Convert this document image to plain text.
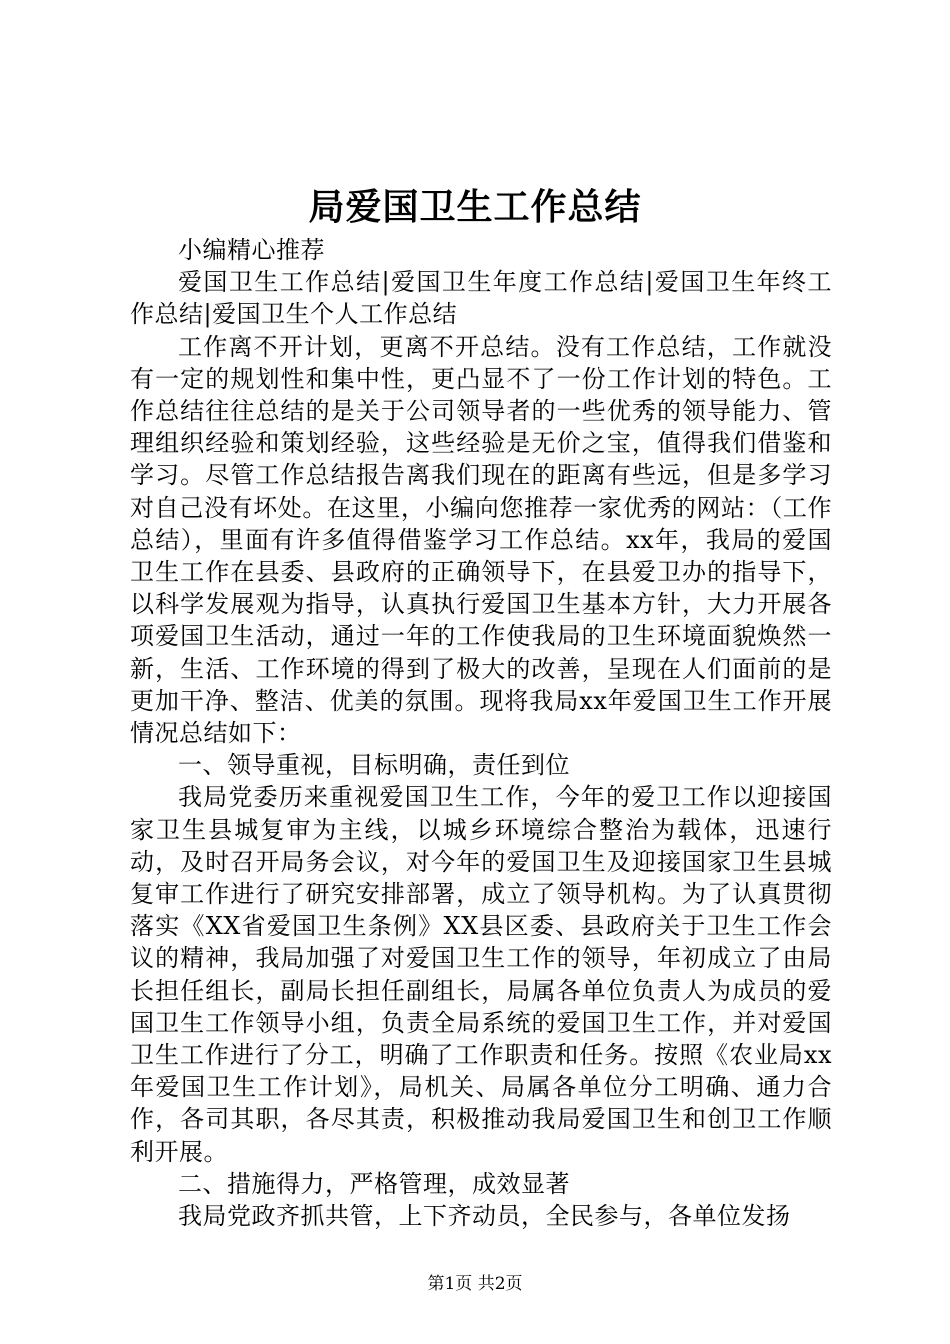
局爱国卫生工作总结

小编精心推荐

爱国卫生工作总结|爱国卫生年度工作总结|爱国卫生年终工作总结|爱国卫生个人工作总结

工作离不开计划，更离不开总结。没有工作总结，工作就没有一定的规划性和集中性，更凸显不了一份工作计划的特色。工作总结往往总结的是关于公司领导者的一些优秀的领导能力、管理组织经验和策划经验，这些经验是无价之宝，值得我们借鉴和学习。尽管工作总结报告离我们现在的距离有些远，但是多学习对自己没有坏处。在这里，小编向您推荐一家优秀的网站：（工作总结），里面有许多值得借鉴学习工作总结。xx年，我局的爱国卫生工作在县委、县政府的正确领导下，在县爱卫办的指导下，以科学发展观为指导，认真执行爱国卫生基本方针，大力开展各项爱国卫生活动，通过一年的工作使我局的卫生环境面貌焕然一新，生活、工作环境的得到了极大的改善，呈现在人们面前的是更加干净、整洁、优美的氛围。现将我局xx年爱国卫生工作开展情况总结如下：

一、领导重视，目标明确，责任到位

我局党委历来重视爱国卫生工作，今年的爱卫工作以迎接国家卫生县城复审为主线，以城乡环境综合整治为载体，迅速行动，及时召开局务会议，对今年的爱国卫生及迎接国家卫生县城复审工作进行了研究安排部署，成立了领导机构。为了认真贯彻落实《XX省爱国卫生条例》XX县区委、县政府关于卫生工作会议的精神，我局加强了对爱国卫生工作的领导，年初成立了由局长担任组长，副局长担任副组长，局属各单位负责人为成员的爱国卫生工作领导小组，负责全局系统的爱国卫生工作，并对爱国卫生工作进行了分工，明确了工作职责和任务。按照《农业局xx年爱国卫生工作计划》，局机关、局属各单位分工明确、通力合作，各司其职，各尽其责，积极推动我局爱国卫生和创卫工作顺利开展。

二、措施得力，严格管理，成效显著

我局党政齐抓共管，上下齐动员，全民参与，各单位发扬

第1页 共2页
